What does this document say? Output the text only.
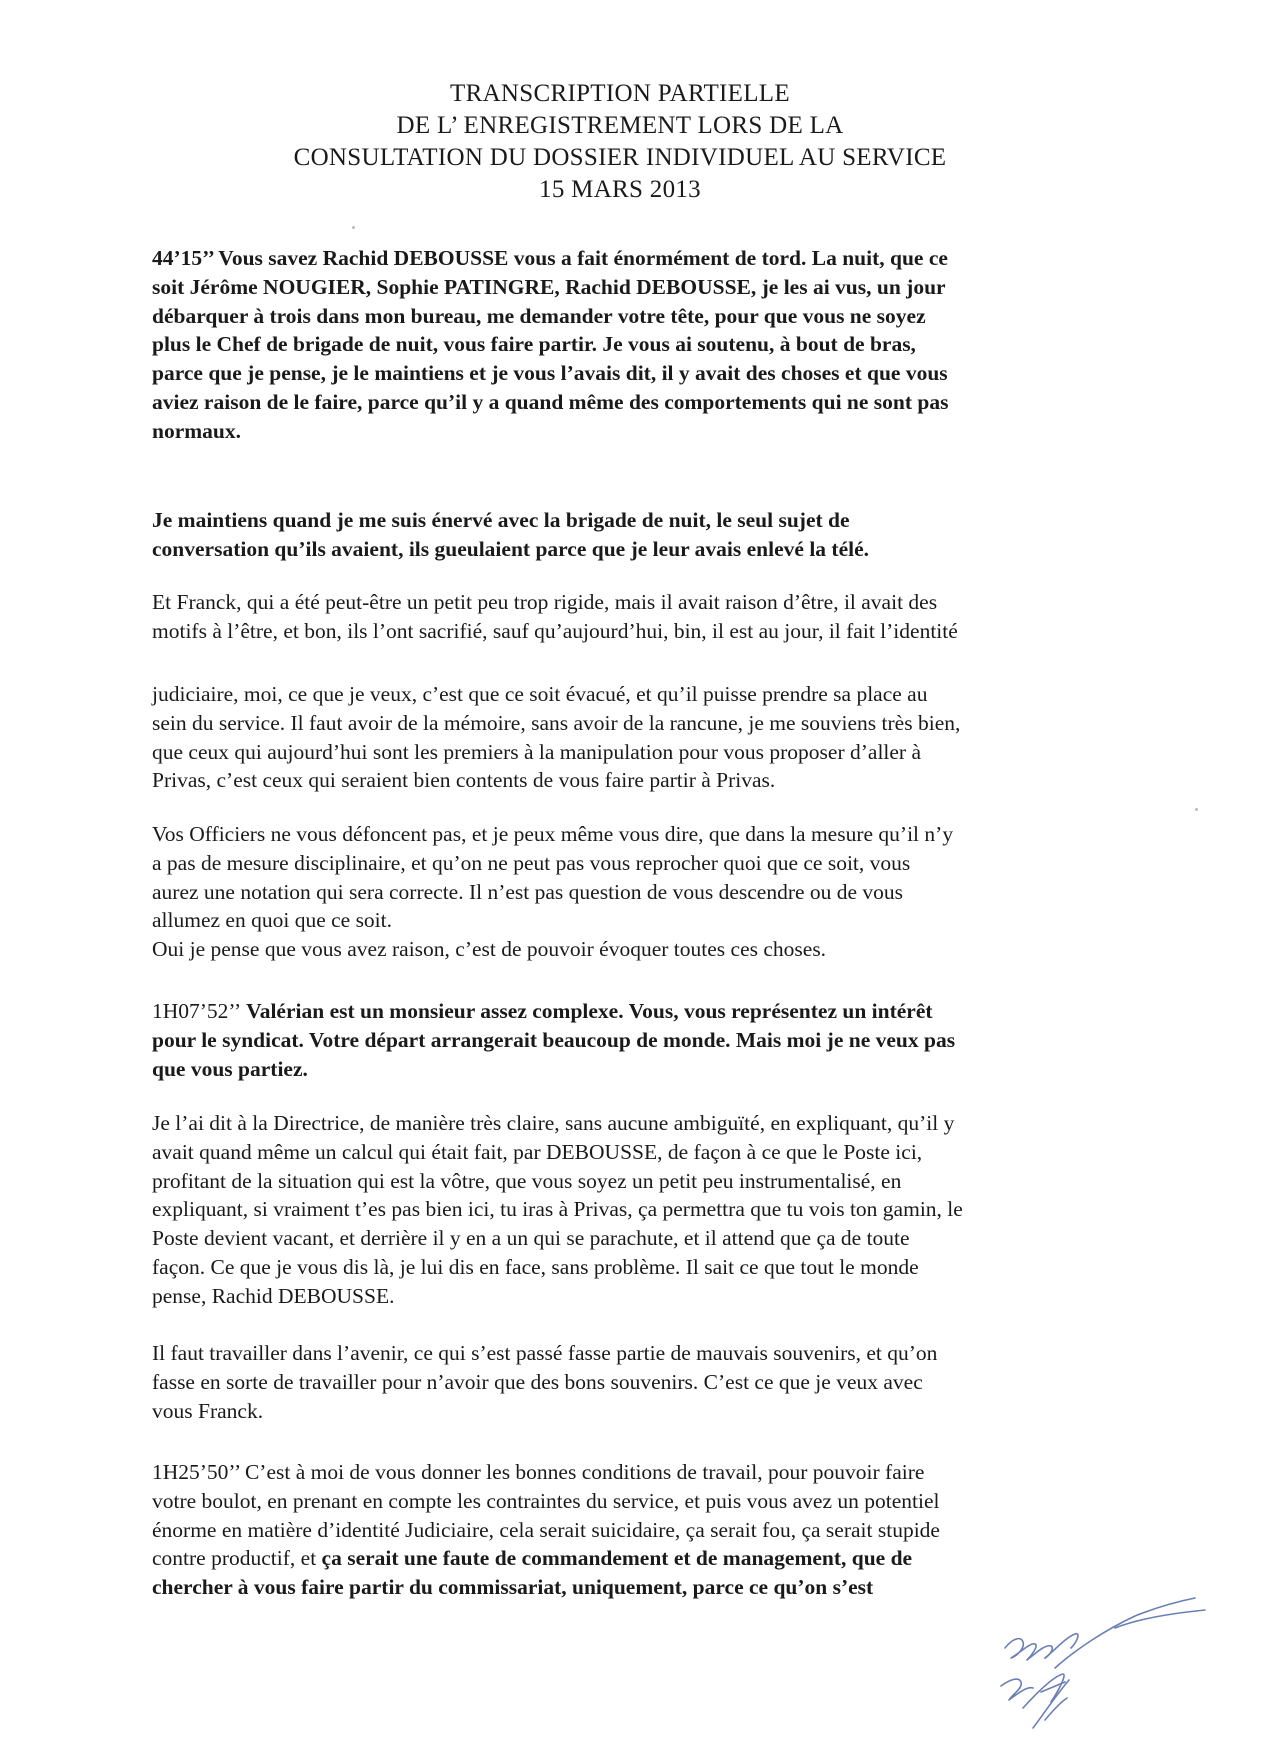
TRANSCRIPTION PARTIELLE
DE L’ ENREGISTREMENT LORS DE LA
CONSULTATION DU DOSSIER INDIVIDUEL AU SERVICE
15 MARS 2013
44’15’’ Vous savez Rachid DEBOUSSE vous a fait énormément de tord. La nuit, que ce
soit Jérôme NOUGIER, Sophie PATINGRE, Rachid DEBOUSSE, je les ai vus, un jour
débarquer à trois dans mon bureau, me demander votre tête, pour que vous ne soyez
plus le Chef de brigade de nuit, vous faire partir. Je vous ai soutenu, à bout de bras,
parce que je pense, je le maintiens et je vous l’avais dit, il y avait des choses et que vous
aviez raison de le faire, parce qu’il y a quand même des comportements qui ne sont pas
normaux.
Je maintiens quand je me suis énervé avec la brigade de nuit, le seul sujet de
conversation qu’ils avaient, ils gueulaient parce que je leur avais enlevé la télé.
Et Franck, qui a été peut-être un petit peu trop rigide, mais il avait raison d’être, il avait des
motifs à l’être, et bon, ils l’ont sacrifié, sauf qu’aujourd’hui, bin, il est au jour, il fait l’identité
judiciaire, moi, ce que je veux, c’est que ce soit évacué, et qu’il puisse prendre sa place au
sein du service. Il faut avoir de la mémoire, sans avoir de la rancune, je me souviens très bien,
que ceux qui aujourd’hui sont les premiers à la manipulation pour vous proposer d’aller à
Privas, c’est ceux qui seraient bien contents de vous faire partir à Privas.
Vos Officiers ne vous défoncent pas, et je peux même vous dire, que dans la mesure qu’il n’y
a pas de mesure disciplinaire, et qu’on ne peut pas vous reprocher quoi que ce soit, vous
aurez une notation qui sera correcte. Il n’est pas question de vous descendre ou de vous
allumez en quoi que ce soit.
Oui je pense que vous avez raison, c’est de pouvoir évoquer toutes ces choses.
1H07’52’’ Valérian est un monsieur assez complexe. Vous, vous représentez un intérêt
pour le syndicat. Votre départ arrangerait beaucoup de monde. Mais moi je ne veux pas
que vous partiez.
Je l’ai dit à la Directrice, de manière très claire, sans aucune ambiguïté, en expliquant, qu’il y
avait quand même un calcul qui était fait, par DEBOUSSE, de façon à ce que le Poste ici,
profitant de la situation qui est la vôtre, que vous soyez un petit peu instrumentalisé, en
expliquant, si vraiment t’es pas bien ici, tu iras à Privas, ça permettra que tu vois ton gamin, le
Poste devient vacant, et derrière il y en a un qui se parachute, et il attend que ça de toute
façon. Ce que je vous dis là, je lui dis en face, sans problème. Il sait ce que tout le monde
pense, Rachid DEBOUSSE.
Il faut travailler dans l’avenir, ce qui s’est passé fasse partie de mauvais souvenirs, et qu’on
fasse en sorte de travailler pour n’avoir que des bons souvenirs. C’est ce que je veux avec
vous Franck.
1H25’50’’ C’est à moi de vous donner les bonnes conditions de travail, pour pouvoir faire
votre boulot, en prenant en compte les contraintes du service, et puis vous avez un potentiel
énorme en matière d’identité Judiciaire, cela serait suicidaire, ça serait fou, ça serait stupide
contre productif, et ça serait une faute de commandement et de management, que de
chercher à vous faire partir du commissariat, uniquement, parce ce qu’on s’est
